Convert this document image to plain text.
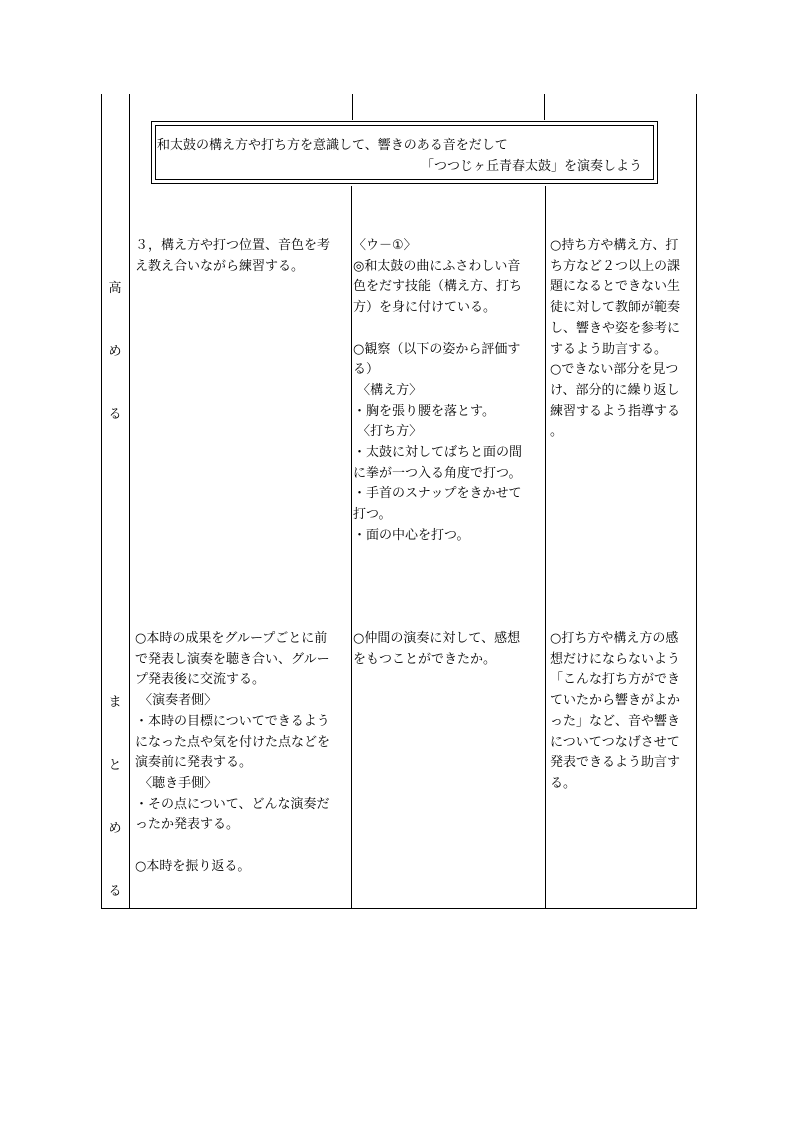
和太鼓の構え方や打ち方を意識して、響きのある音をだして
「つつじヶ丘青春太鼓」を演奏しよう

高

め

る

３，構え方や打つ位置、音色を考
え教え合いながら練習する。
〈ウ－①〉
◎和太鼓の曲にふさわしい音
色をだす技能（構え方、打ち
方）を身に付けている。

○観察（以下の姿から評価す
る）
〈構え方〉
・胸を張り腰を落とす。
〈打ち方〉
・太鼓に対してばちと面の間
に拳が一つ入る角度で打つ。
・手首のスナップをきかせて
打つ。
・面の中心を打つ。
○持ち方や構え方、打
ち方など２つ以上の課
題になるとできない生
徒に対して教師が範奏
し、響きや姿を参考に
するよう助言する。
○できない部分を見つ
け、部分的に繰り返し
練習するよう指導する
。

ま

と

め

る

○本時の成果をグループごとに前
で発表し演奏を聴き合い、グルー
プ発表後に交流する。
〈演奏者側〉
・本時の目標についてできるよう
になった点や気を付けた点などを
演奏前に発表する。
〈聴き手側〉
・その点について、どんな演奏だ
ったか発表する。

○本時を振り返る。
○仲間の演奏に対して、感想
をもつことができたか。
○打ち方や構え方の感
想だけにならないよう
「こんな打ち方ができ
ていたから響きがよか
った」など、音や響き
についてつなげさせて
発表できるよう助言す
る。
